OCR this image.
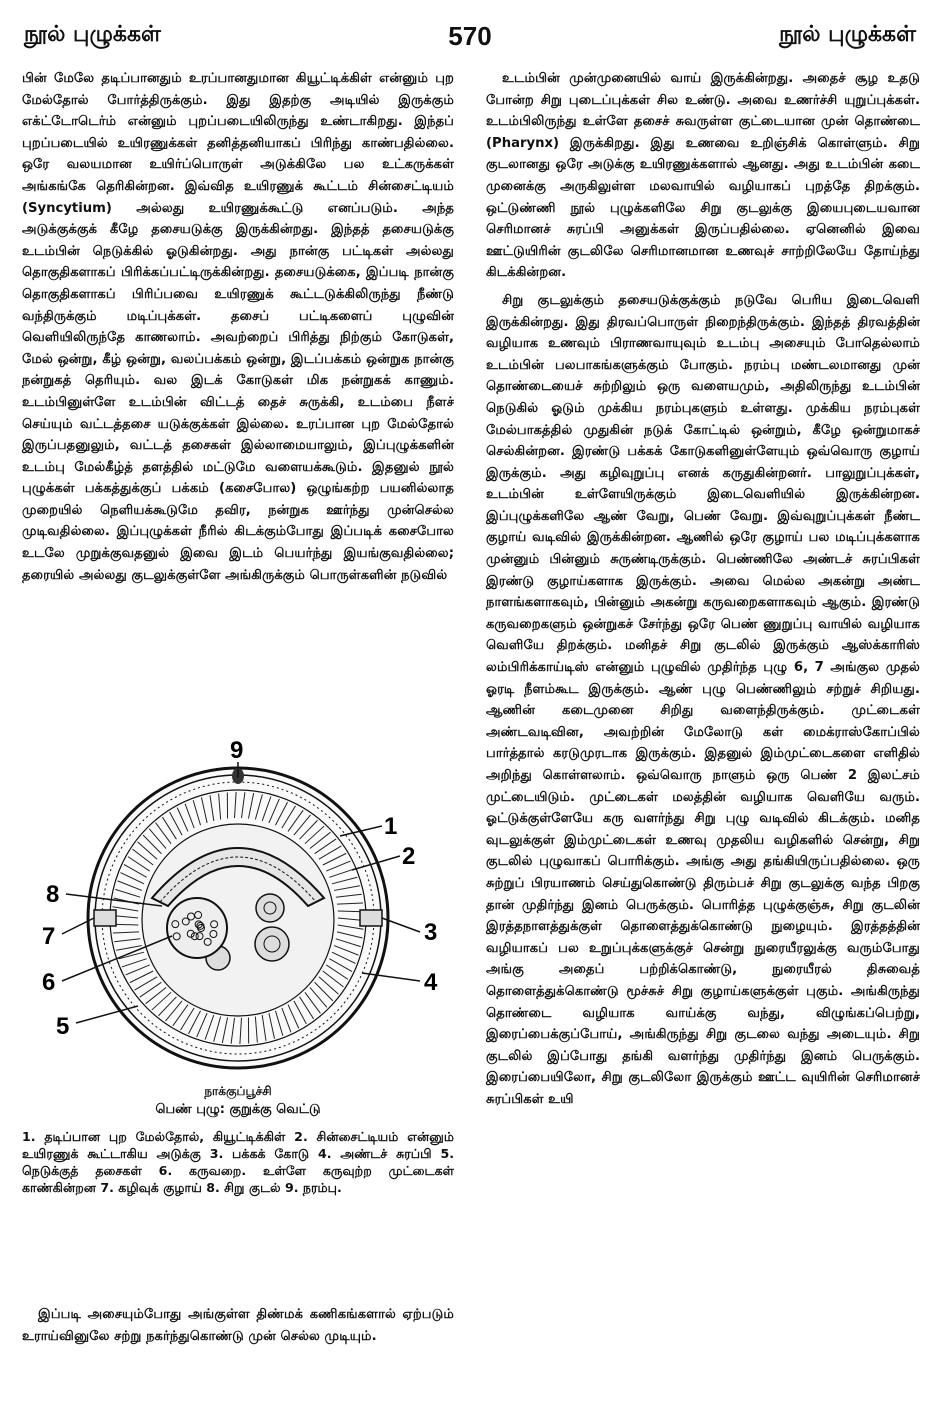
நூல் புழுக்கள்	570	நூல் புழுக்கள்

பின் மேலே தடிப்பானதும் உரப்பானதுமான கியூட்டிக்கிள் என்னும் புற மேல்தோல் போர்த்திருக்கும். இது இதற்கு அடியில் இருக்கும் எக்ட்டோடெர்ம் என்னும் புறப்படையிலிருந்து உண்டாகிறது. இந்தப் புறப்படையில் உயிரணுக்கள் தனித்தனியாகப் பிரிந்து காண்பதில்லை. ஒரே வலயமான உயிர்ப்பொருள் அடுக்கிலே பல உட்கருக்கள் அங்கங்கே தெரிகின்றன. இவ்வித உயிரணுக் கூட்டம் சின்சைட்டியம் (Syncytium) அல்லது உயிரணுக்கூட்டு எனப்படும். அந்த அடுக்குக்குக் கீழே தசையடுக்கு இருக்கின்றது. இந்தத் தசையடுக்கு உடம்பின் நெடுக்கில் ஓடுகின்றது. அது நான்கு பட்டிகள் அல்லது தொகுதிகளாகப் பிரிக்கப்பட்டிருக்கின்றது. தசையடுக்கை, இப்படி நான்கு தொகுதிகளாகப் பிரிப்பவை உயிரணுக் கூட்டடுக்கிலிருந்து நீண்டு வந்திருக்கும் மடிப்புக்கள். தசைப் பட்டிகளைப் புழுவின் வெளியிலிருந்தே காணலாம். அவற்றைப் பிரித்து நிற்கும் கோடுகள், மேல் ஒன்று, கீழ் ஒன்று, வலப்பக்கம் ஒன்று, இடப்பக்கம் ஒன்றுக நான்கு நன்றுகத் தெரியும். வல இடக் கோடுகள் மிக நன்றுகக் காணும். உடம்பினுள்ளே உடம்பின் விட்டத் தைச் சுருக்கி, உடம்பை நீளச் செய்யும் வட்டத்தசை யடுக்குக்கள் இல்லை. உரப்பான புற மேல்தோல் இருப்பதனுலும், வட்டத் தசைகள் இல்லாமையாலும், இப்புழுக்களின் உடம்பு மேல்கீழ்த் தளத்தில் மட்டுமே வளையக்கூடும். இதனுல் நூல் புழுக்கள் பக்கத்துக்குப் பக்கம் (கசைபோல) ஒழுங்கற்ற பயனில்லாத முறையில் நெளியக்கூடுமே தவிர, நன்றுக ஊர்ந்து முன்செல்ல முடிவதில்லை. இப்புழுக்கள் நீரில் கிடக்கும்போது இப்படிக் கசைபோல உடலே முறுக்குவதனுல் இவை இடம் பெயர்ந்து இயங்குவதில்லை; தரையில் அல்லது குடலுக்குள்ளே அங்கிருக்கும் பொருள்களின் நடுவில்

9
1
2
3
4
5
6
7
8
நாக்குப்பூச்சி
பெண் புழு: குறுக்கு வெட்டு
1. தடிப்பான புற மேல்தோல், கியூட்டிக்கிள் 2. சின்சைட்டியம் என்னும் உயிரணுக் கூட்டாகிய அடுக்கு 3. பக்கக் கோடு 4. அண்டச் சுரப்பி 5. நெடுக்குத் தசைகள் 6. கருவறை. உள்ளே கருவுற்ற முட்டைகள் காண்கின்றன 7. கழிவுக் குழாய் 8. சிறு குடல் 9. நரம்பு.

இப்படி அசையும்போது அங்குள்ள திண்மக் கணிகங்களால் ஏற்படும் உராய்வினுலே சற்று நகர்ந்துகொண்டு முன் செல்ல முடியும்.

உடம்பின் முன்முனையில் வாய் இருக்கின்றது. அதைச் சூழ உதடு போன்ற சிறு புடைப்புக்கள் சில உண்டு. அவை உணர்ச்சி யுறுப்புக்கள். உடம்பிலிருந்து உள்ளே தசைச் சுவருள்ள குட்டையான முன் தொண்டை (Pharynx) இருக்கிறது. இது உணவை உறிஞ்சிக் கொள்ளும். சிறு குடலானது ஒரே அடுக்கு உயிரணுக்களால் ஆனது. அது உடம்பின் கடை முனைக்கு அருகிலுள்ள மலவாயில் வழியாகப் புறத்தே திறக்கும். ஒட்டுண்ணி நூல் புழுக்களிலே சிறு குடலுக்கு இயைபுடையவான செரிமானச் சுரப்பி அனுக்கள் இருப்பதில்லை. ஏனெனில் இவை ஊட்டுயிரின் குடலிலே செரிமானமான உணவுச் சாற்றிலேயே தோய்ந்து கிடக்கின்றன.

சிறு குடலுக்கும் தசையடுக்குக்கும் நடுவே பெரிய இடைவெளி இருக்கின்றது. இது திரவப்பொருள் நிறைந்திருக்கும். இந்தத் திரவத்தின் வழியாக உணவும் பிராணவாயுவும் உடம்பு அசையும் போதெல்லாம் உடம்பின் பலபாகங்களுக்கும் போகும். நரம்பு மண்டலமானது முன் தொண்டையைச் சுற்றிலும் ஒரு வளையமும், அதிலிருந்து உடம்பின் நெடுகில் ஓடும் முக்கிய நரம்புகளும் உள்ளது. முக்கிய நரம்புகள் மேல்பாகத்தில் முதுகின் நடுக் கோட்டில் ஒன்றும், கீழே ஒன்றுமாகச் செல்கின்றன. இரண்டு பக்கக் கோடுகளினுள்ளேயும் ஒவ்வொரு குழாய் இருக்கும். அது கழிவுறுப்பு எனக் கருதுகின்றனர். பாலுறுப்புக்கள், உடம்பின் உள்ளேயிருக்கும் இடைவெளியில் இருக்கின்றன. இப்புழுக்களிலே ஆண் வேறு, பெண் வேறு. இவ்வுறுப்புக்கள் நீண்ட குழாய் வடிவில் இருக்கின்றன. ஆணில் ஒரே குழாய் பல மடிப்புக்களாக முன்னும் பின்னும் சுருண்டிருக்கும். பெண்ணிலே அண்டச் சுரப்பிகள் இரண்டு குழாய்களாக இருக்கும். அவை மெல்ல அகன்று அண்ட நாளங்களாகவும், பின்னும் அகன்று கருவறைகளாகவும் ஆகும். இரண்டு கருவறைகளும் ஒன்றுகச் சேர்ந்து ஒரே பெண் ணுறுப்பு வாயில் வழியாக வெளியே திறக்கும். மனிதச் சிறு குடலில் இருக்கும் ஆஸ்க்காரிஸ் லம்பிரிக்காய்டிஸ் என்னும் புழுவில் முதிர்ந்த புழு 6, 7 அங்குல முதல் ஓரடி நீளம்கூட இருக்கும். ஆண் புழு பெண்ணிலும் சற்றுச் சிறியது. ஆணின் கடைமுனை சிறிது வளைந்திருக்கும். முட்டைகள் அண்டவடிவின, அவற்றின் மேலோடு கள் மைக்ராஸ்கோப்பில் பார்த்தால் கரடுமுரடாக இருக்கும். இதனுல் இம்முட்டைகளை எளிதில் அறிந்து கொள்ளலாம். ஒவ்வொரு நாளும் ஒரு பெண் 2 இலட்சம் முட்டையிடும். முட்டைகள் மலத்தின் வழியாக வெளியே வரும். ஓட்டுக்குள்ளேயே கரு வளர்ந்து சிறு புழு வடிவில் கிடக்கும். மனித வுடலுக்குள் இம்முட்டைகள் உணவு முதலிய வழிகளில் சென்று, சிறு குடலில் புழுவாகப் பொரிக்கும். அங்கு அது தங்கியிருப்பதில்லை. ஒரு சுற்றுப் பிரயாணம் செய்துகொண்டு திரும்பச் சிறு குடலுக்கு வந்த பிறகு தான் முதிர்ந்து இனம் பெருக்கும். பொரித்த புழுக்குஞ்சு, சிறு குடலின் இரத்தநாளத்துக்குள் தொளைத்துக்கொண்டு நுழையும். இரத்தத்தின் வழியாகப் பல உறுப்புக்களுக்குச் சென்று நுரையீரலுக்கு வரும்போது அங்கு அதைப் பற்றிக்கொண்டு, நுரையீரல் திசுவைத் தொளைத்துக்கொண்டு மூச்சுச் சிறு குழாய்களுக்குள் புகும். அங்கிருந்து தொண்டை வழியாக வாய்க்கு வந்து, விழுங்கப்பெற்று, இரைப்பைக்குப்போய், அங்கிருந்து சிறு குடலை வந்து அடையும். சிறு குடலில் இப்போது தங்கி வளர்ந்து முதிர்ந்து இனம் பெருக்கும். இரைப்பையிலோ, சிறு குடலிலோ இருக்கும் ஊட்ட வுயிரின் செரிமானச் சுரப்பிகள் உயி
